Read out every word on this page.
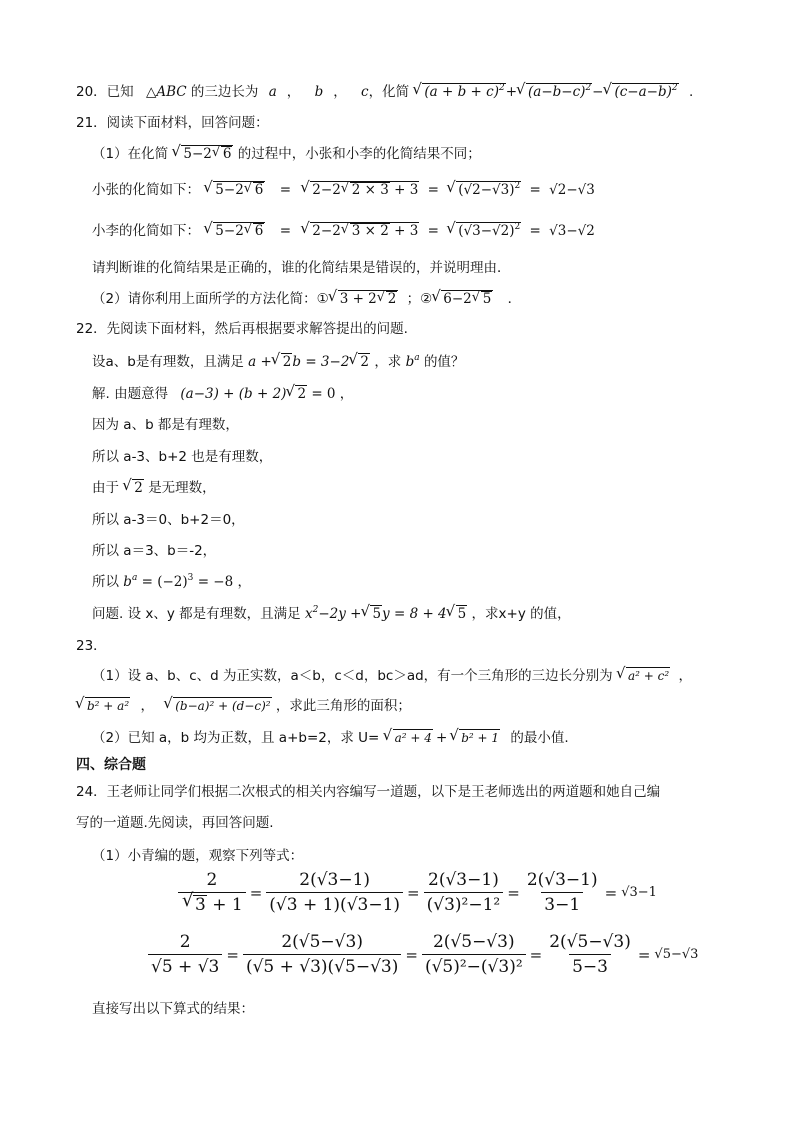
20．已知 △ABC 的三边长为 a ， b ， c，化简 √ $(a + b + c)^2+√$ $(a-b-c)^2-√$ $(c-a-b)^2$ .
21．阅读下面材料，回答问题：
（1）在化简 √ 5−2√ 6 的过程中，小张和小李的化简结果不同；
小张的化简如下： √ 5−2√ 6 = √ 2−2√ 2 × 3 + 3 = √ $(√2-√3)^2 = √2-√3$
小李的化简如下： √ 5−2√ 6 = √ 2−2√ 3 × 2 + 3 = √ $(√3-√2)^2 = √3-√2$
请判断谁的化简结果是正确的，谁的化简结果是错误的，并说明理由．
（2）请你利用上面所学的方法化简：①√ 3 + 2√ 2 ；②√ 6−2√ 5 ．
22．先阅读下面材料，然后再根据要求解答提出的问题.
设a、b是有理数，且满足 a +√ 2b = 3−2√ 2 ，求 $b^a$ 的值？
解. 由题意得 (a−3) + (b + 2)√ 2 = 0 ，
因为 a、b 都是有理数，
所以 a-3、b+2 也是有理数，
由于 √ 2 是无理数，
所以 a-3＝0、b+2＝0，
所以 a＝3、b＝-2，
所以 $b^a = (-2)^3 = -8$ ，
问题. 设 x、y 都是有理数，且满足 $x^2-2y$ +√ 5y = 8 + 4√ 5 ，求x+y 的值，
23．
（1）设 a、b、c、d 为正实数，a＜b，c＜d，bc＞ad，有一个三角形的三边长分别为 √ a² + c² ，
√ b² + a² ， √ (b−a)² + (d−c)² ，求此三角形的面积；
（2）已知 a，b 均为正数，且 a+b=2，求 U= √ a² + 4 +√ b² + 1 的最小值.
四、综合题
24．王老师让同学们根据二次根式的相关内容编写一道题，以下是王老师选出的两道题和她自己编
写的一道题.先阅读，再回答问题.
（1）小青编的题，观察下列等式：
2
√ $3 + 1 = \frac{2(√3-1)}{(√3 + 1)(√3-1)} = \frac{2(√3-1)}{\text{(√3)²−1²}} = \frac{2(√3-1)}{3-1} = √3-1$
$\frac{2}{√5 + √3} = \frac{2(√5-√3)}{(√5 + √3)(√5-√3)} = \frac{2(√5-√3)}{\text{(√5)²−(√3)²}} = \frac{2(√5-√3)}{5-3} = √5-√3$
直接写出以下算式的结果：
